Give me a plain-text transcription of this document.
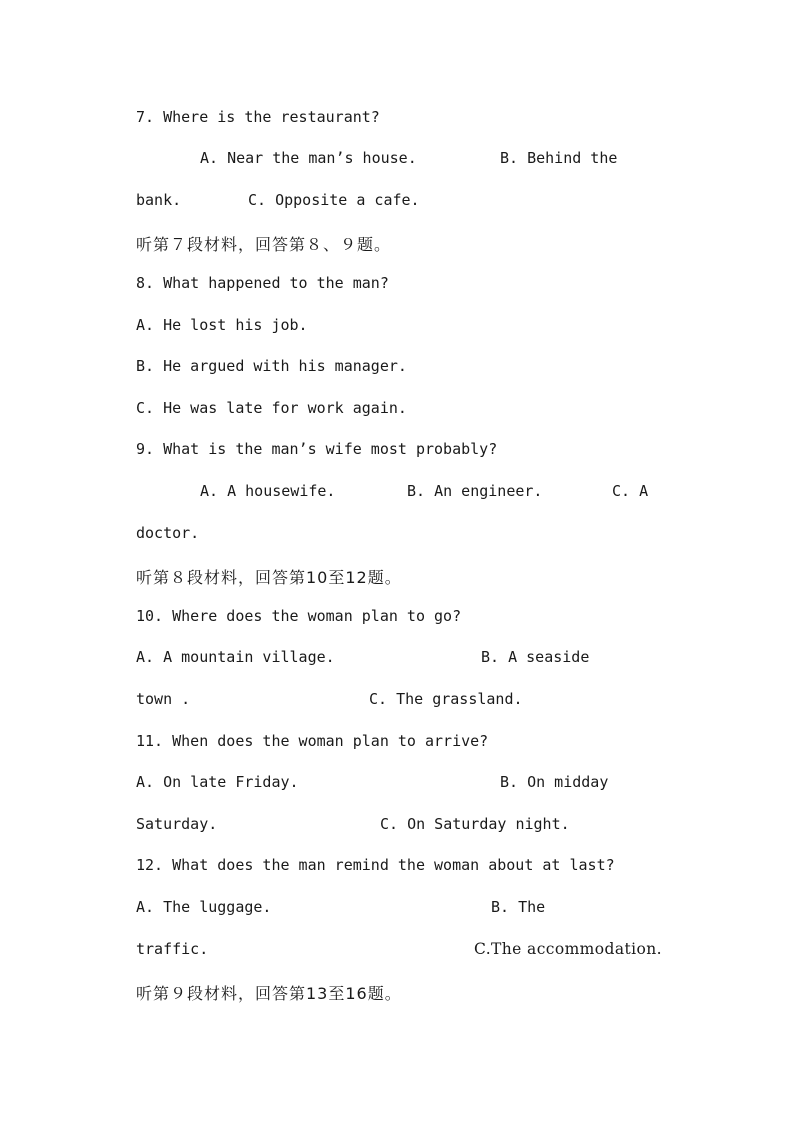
7. Where is the restaurant?
A. Near the man’s house.	B. Behind the
bank.	C. Opposite a cafe.
听第７段材料，回答第８、９题。
8. What happened to the man?
A. He lost his job.
B. He argued with his manager.
C. He was late for work again.
9. What is the man’s wife most probably?
A. A housewife.	B. An engineer.	C. A
doctor.
听第８段材料，回答第10至12题。
10. Where does the woman plan to go?
A. A mountain village.	B. A seaside
town .	C. The grassland.
11. When does the woman plan to arrive?
A. On late Friday.	B. On midday
Saturday.	C. On Saturday night.
12. What does the man remind the woman about at last?
A. The luggage.	B. The
traffic.	C.The accommodation.
听第９段材料，回答第13至16题。
